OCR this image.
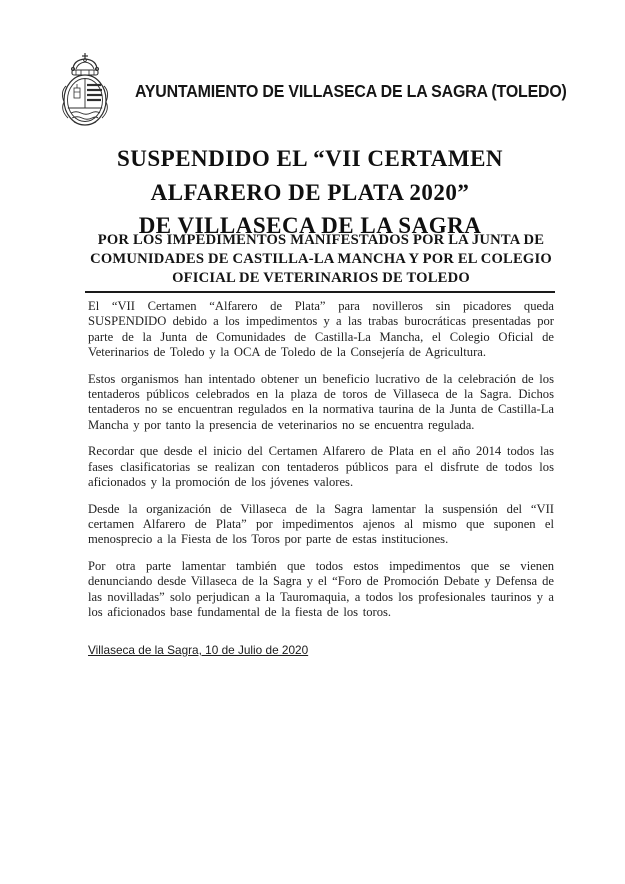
AYUNTAMIENTO DE VILLASECA DE LA SAGRA (TOLEDO)
SUSPENDIDO EL “VII CERTAMEN
ALFARERO DE PLATA 2020”
DE VILLASECA DE LA SAGRA
POR LOS IMPEDIMENTOS MANIFESTADOS POR LA JUNTA DE
COMUNIDADES DE CASTILLA-LA MANCHA Y POR EL COLEGIO
OFICIAL DE VETERINARIOS DE TOLEDO

El “VII Certamen “Alfarero de Plata” para novilleros sin picadores queda SUSPENDIDO debido a los impedimentos y a las trabas burocráticas presentadas por parte de la Junta de Comunidades de Castilla-La Mancha, el Colegio Oficial de Veterinarios de Toledo y la OCA de Toledo de la Consejería de Agricultura.

Estos organismos han intentado obtener un beneficio lucrativo de la celebración de los tentaderos públicos celebrados en la plaza de toros de Villaseca de la Sagra. Dichos tentaderos no se encuentran regulados en la normativa taurina de la Junta de Castilla-La Mancha y por tanto la presencia de veterinarios no se encuentra regulada.

Recordar que desde el inicio del Certamen Alfarero de Plata en el año 2014 todos las fases clasificatorias se realizan con tentaderos públicos para el disfrute de todos los aficionados y la promoción de los jóvenes valores.

Desde la organización de Villaseca de la Sagra lamentar la suspensión del “VII certamen Alfarero de Plata” por impedimentos ajenos al mismo que suponen el menosprecio a la Fiesta de los Toros por parte de estas instituciones.

Por otra parte lamentar también que todos estos impedimentos que se vienen denunciando desde Villaseca de la Sagra y el “Foro de Promoción Debate y Defensa de las novilladas” solo perjudican a la Tauromaquia, a todos los profesionales taurinos y a los aficionados base fundamental de la fiesta de los toros.

Villaseca de la Sagra, 10 de Julio de 2020
